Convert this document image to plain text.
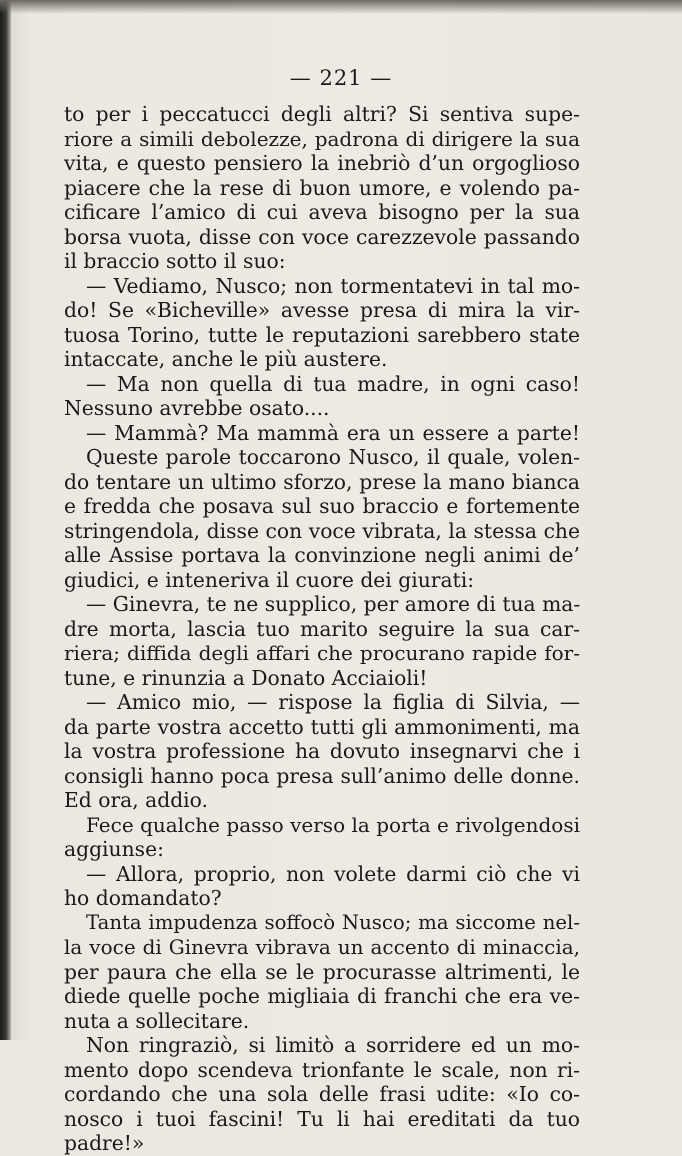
— 221 —
to per i peccatucci degli altri? Si sentiva supe-
riore a simili debolezze, padrona di dirigere la sua
vita, e questo pensiero la inebriò d’un orgoglioso
piacere che la rese di buon umore, e volendo pa-
cificare l’amico di cui aveva bisogno per la sua
borsa vuota, disse con voce carezzevole passando
il braccio sotto il suo:
— Vediamo, Nusco; non tormentatevi in tal mo-
do! Se «Bicheville» avesse presa di mira la vir-
tuosa Torino, tutte le reputazioni sarebbero state
intaccate, anche le più austere.
— Ma non quella di tua madre, in ogni caso!
Nessuno avrebbe osato....
— Mammà? Ma mammà era un essere a parte!
Queste parole toccarono Nusco, il quale, volen-
do tentare un ultimo sforzo, prese la mano bianca
e fredda che posava sul suo braccio e fortemente
stringendola, disse con voce vibrata, la stessa che
alle Assise portava la convinzione negli animi de’
giudici, e inteneriva il cuore dei giurati:
— Ginevra, te ne supplico, per amore di tua ma-
dre morta, lascia tuo marito seguire la sua car-
riera; diffida degli affari che procurano rapide for-
tune, e rinunzia a Donato Acciaioli!
— Amico mio, — rispose la figlia di Silvia, —
da parte vostra accetto tutti gli ammonimenti, ma
la vostra professione ha dovuto insegnarvi che i
consigli hanno poca presa sull’animo delle donne.
Ed ora, addio.
Fece qualche passo verso la porta e rivolgendosi
aggiunse:
— Allora, proprio, non volete darmi ciò che vi
ho domandato?
Tanta impudenza soffocò Nusco; ma siccome nel-
la voce di Ginevra vibrava un accento di minaccia,
per paura che ella se le procurasse altrimenti, le
diede quelle poche migliaia di franchi che era ve-
nuta a sollecitare.
Non ringraziò, si limitò a sorridere ed un mo-
mento dopo scendeva trionfante le scale, non ri-
cordando che una sola delle frasi udite: «Io co-
nosco i tuoi fascini! Tu li hai ereditati da tuo
padre!»
